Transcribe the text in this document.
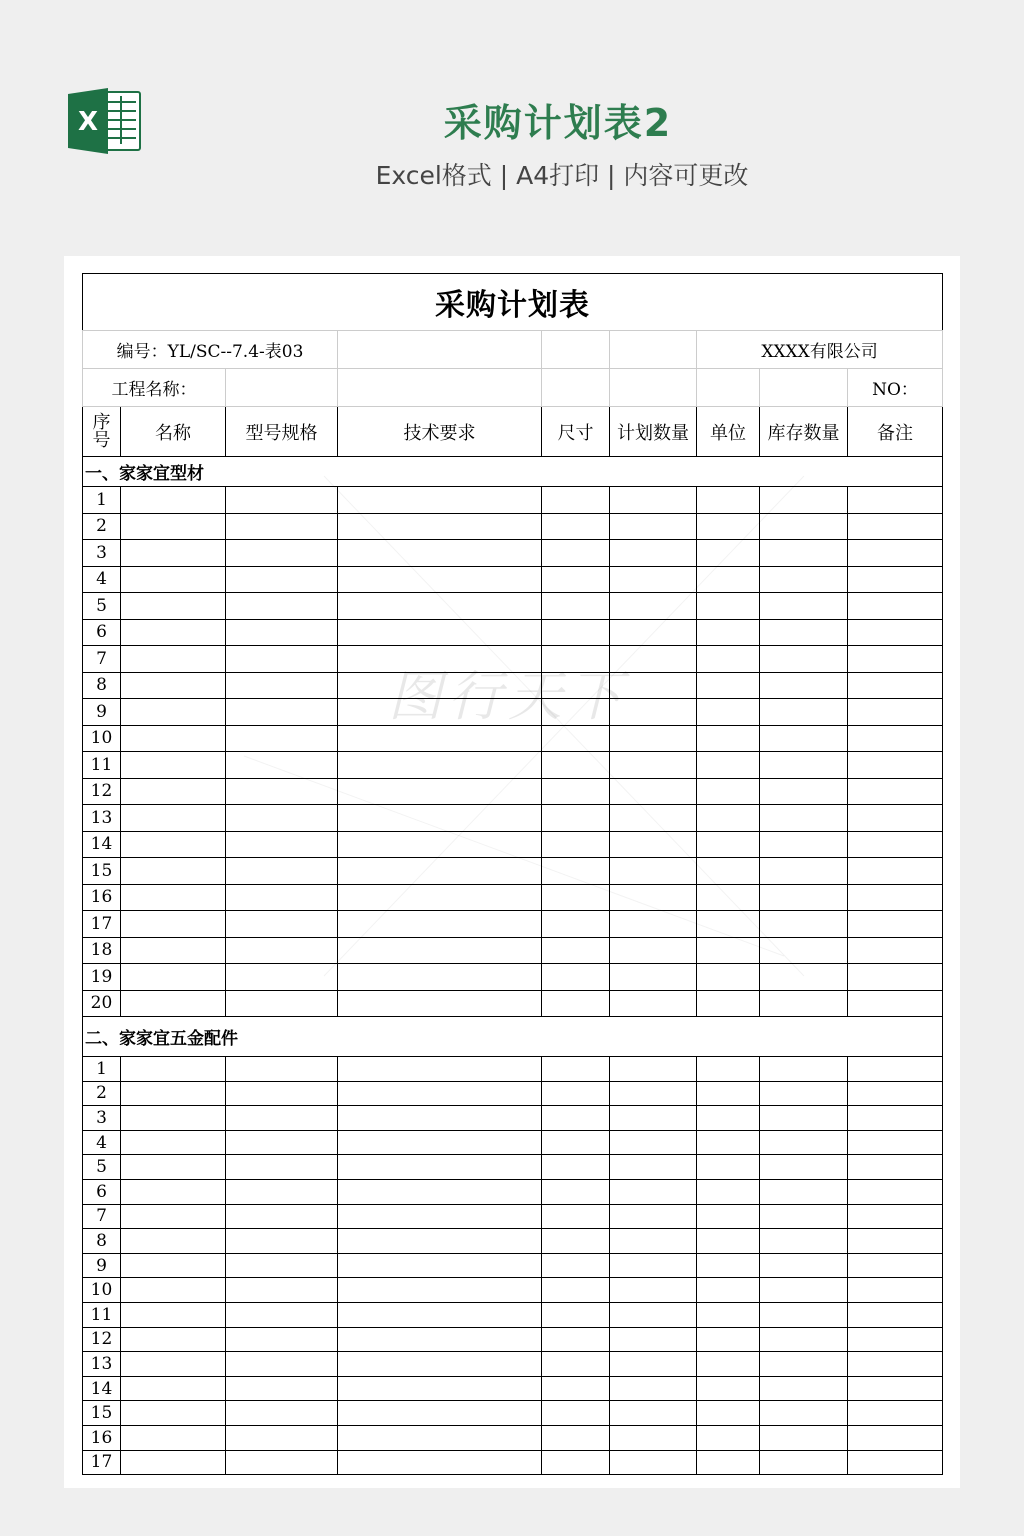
X	采购计划表2
Excel格式 | A4打印 | 内容可更改
采购计划表								
编号：YL/SC--7.4-表03						XXXX有限公司		
工程名称：								NO：
序
号	名称	型号规格	技术要求	尺寸	计划数量	单位	库存数量	备注
一、家家宜型材								
1								
2								
3								
4								
5								
6								
7								
8								
9								
10								
11								
12								
13								
14								
15								
16								
17								
18								
19								
20								
二、家家宜五金配件								
1								
2								
3								
4								
5								
6								
7								
8								
9								
10								
11								
12								
13								
14								
15								
16								
17								
图行天下
